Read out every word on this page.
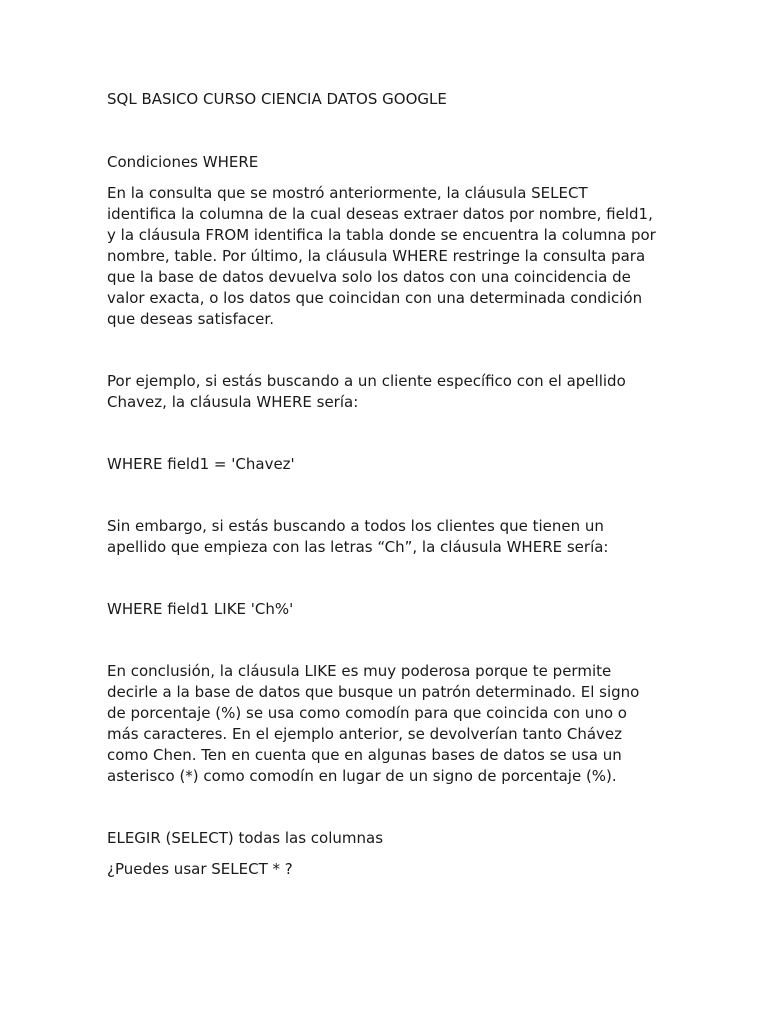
SQL BASICO CURSO CIENCIA DATOS GOOGLE

Condiciones WHERE

En la consulta que se mostró anteriormente, la cláusula SELECT
identifica la columna de la cual deseas extraer datos por nombre, field1,
y la cláusula FROM identifica la tabla donde se encuentra la columna por
nombre, table. Por último, la cláusula WHERE restringe la consulta para
que la base de datos devuelva solo los datos con una coincidencia de
valor exacta, o los datos que coincidan con una determinada condición
que deseas satisfacer.

Por ejemplo, si estás buscando a un cliente específico con el apellido
Chavez, la cláusula WHERE sería:

WHERE field1 = 'Chavez'

Sin embargo, si estás buscando a todos los clientes que tienen un
apellido que empieza con las letras “Ch”, la cláusula WHERE sería:

WHERE field1 LIKE 'Ch%'

En conclusión, la cláusula LIKE es muy poderosa porque te permite
decirle a la base de datos que busque un patrón determinado. El signo
de porcentaje (%) se usa como comodín para que coincida con uno o
más caracteres. En el ejemplo anterior, se devolverían tanto Chávez
como Chen. Ten en cuenta que en algunas bases de datos se usa un
asterisco (*) como comodín en lugar de un signo de porcentaje (%).

ELEGIR (SELECT) todas las columnas

¿Puedes usar SELECT * ?
